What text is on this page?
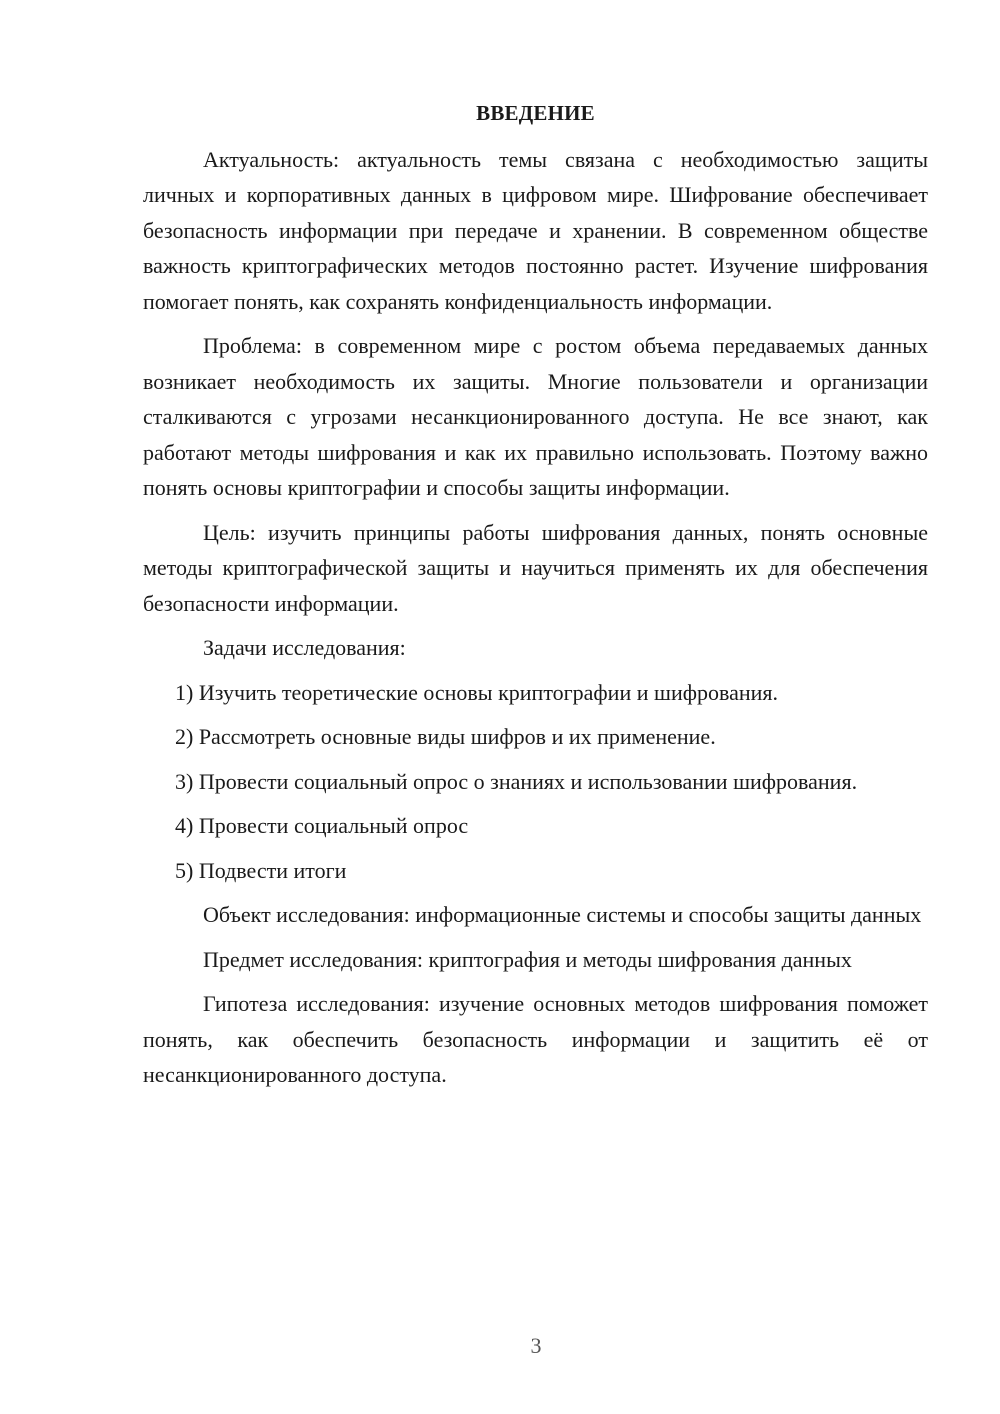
ВВЕДЕНИЕ

Актуальность: актуальность темы связана с необходимостью защиты личных и корпоративных данных в цифровом мире. Шифрование обеспечивает безопасность информации при передаче и хранении. В современном обществе важность криптографических методов постоянно растет. Изучение шифрования помогает понять, как сохранять конфиденциальность информации.

Проблема: в современном мире с ростом объема передаваемых данных возникает необходимость их защиты. Многие пользователи и организации сталкиваются с угрозами несанкционированного доступа. Не все знают, как работают методы шифрования и как их правильно использовать. Поэтому важно понять основы криптографии и способы защиты информации.

Цель: изучить принципы работы шифрования данных, понять основные методы криптографической защиты и научиться применять их для обеспечения безопасности информации.

Задачи исследования:

1) Изучить теоретические основы криптографии и шифрования.

2) Рассмотреть основные виды шифров и их применение.

3) Провести социальный опрос о знаниях и использовании шифрования.

4) Провести социальный опрос

5) Подвести итоги

Объект исследования: информационные системы и способы защиты данных

Предмет исследования: криптография и методы шифрования данных

Гипотеза исследования: изучение основных методов шифрования поможет понять, как обеспечить безопасность информации и защитить её от несанкционированного доступа.

3
